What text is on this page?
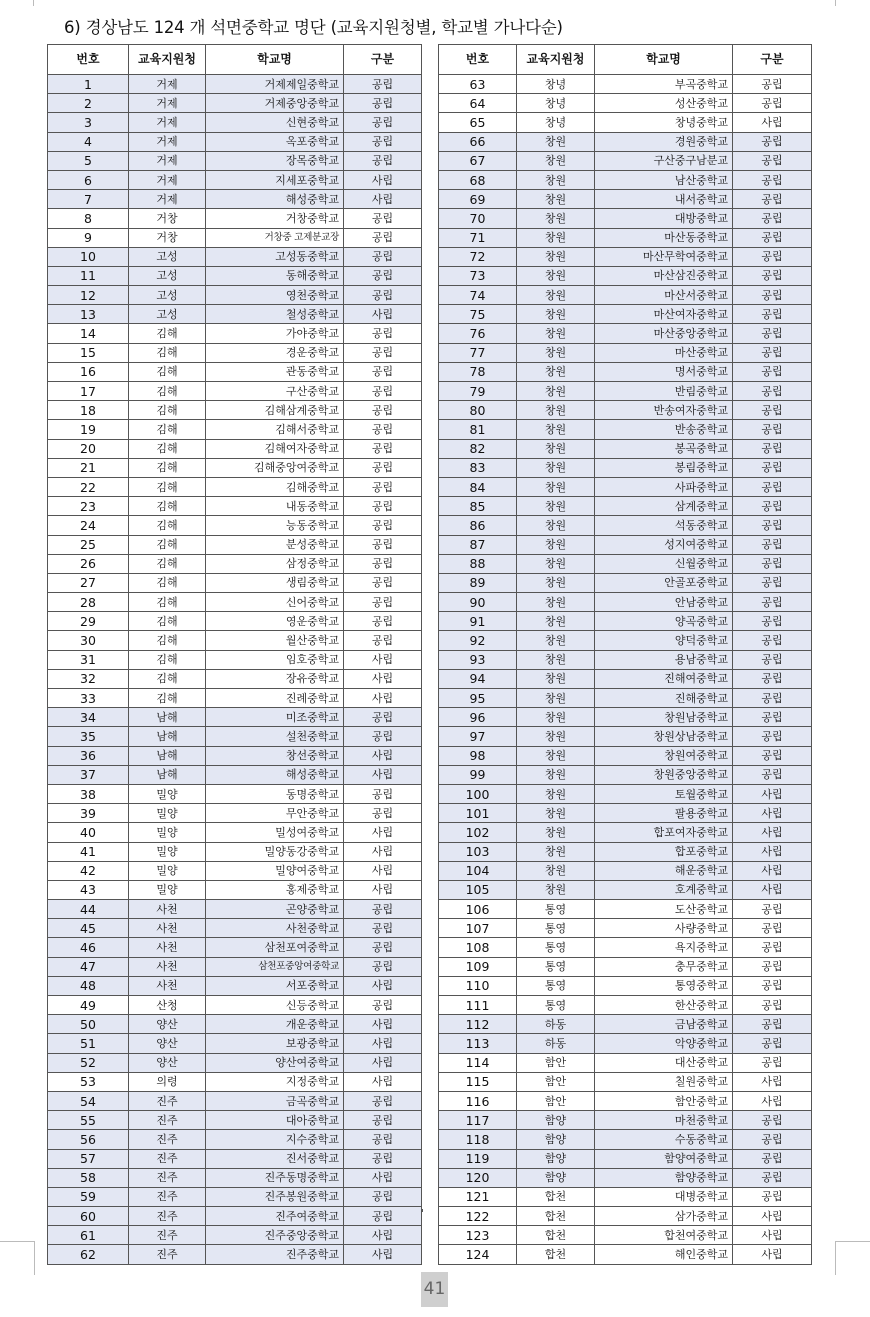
6) 경상남도 124 개 석면중학교 명단 (교육지원청별, 학교별 가나다순)
번호	교육지원청	학교명	구분
1	거제	거제제일중학교	공립
2	거제	거제중앙중학교	공립
3	거제	신현중학교	공립
4	거제	옥포중학교	공립
5	거제	장목중학교	공립
6	거제	지세포중학교	사립
7	거제	해성중학교	사립
8	거창	거창중학교	공립
9	거창	거창중 고제분교장	공립
10	고성	고성동중학교	공립
11	고성	동해중학교	공립
12	고성	영천중학교	공립
13	고성	철성중학교	사립
14	김해	가야중학교	공립
15	김해	경운중학교	공립
16	김해	관동중학교	공립
17	김해	구산중학교	공립
18	김해	김해삼계중학교	공립
19	김해	김해서중학교	공립
20	김해	김해여자중학교	공립
21	김해	김해중앙여중학교	공립
22	김해	김해중학교	공립
23	김해	내동중학교	공립
24	김해	능동중학교	공립
25	김해	분성중학교	공립
26	김해	삼정중학교	공립
27	김해	생림중학교	공립
28	김해	신어중학교	공립
29	김해	영운중학교	공립
30	김해	월산중학교	공립
31	김해	임호중학교	사립
32	김해	장유중학교	사립
33	김해	진례중학교	사립
34	남해	미조중학교	공립
35	남해	설천중학교	공립
36	남해	창선중학교	사립
37	남해	해성중학교	사립
38	밀양	동명중학교	공립
39	밀양	무안중학교	공립
40	밀양	밀성여중학교	사립
41	밀양	밀양동강중학교	사립
42	밀양	밀양여중학교	사립
43	밀양	홍제중학교	사립
44	사천	곤양중학교	공립
45	사천	사천중학교	공립
46	사천	삼천포여중학교	공립
47	사천	삼천포중앙여중학교	공립
48	사천	서포중학교	사립
49	산청	신등중학교	공립
50	양산	개운중학교	사립
51	양산	보광중학교	사립
52	양산	양산여중학교	사립
53	의령	지정중학교	사립
54	진주	금곡중학교	공립
55	진주	대아중학교	공립
56	진주	지수중학교	공립
57	진주	진서중학교	공립
58	진주	진주동명중학교	사립
59	진주	진주봉원중학교	공립
60	진주	진주여중학교	공립
61	진주	진주중앙중학교	사립
62	진주	진주중학교	사립
번호	교육지원청	학교명	구분
63	창녕	부곡중학교	공립
64	창녕	성산중학교	공립
65	창녕	창녕중학교	사립
66	창원	경원중학교	공립
67	창원	구산중구남분교	공립
68	창원	남산중학교	공립
69	창원	내서중학교	공립
70	창원	대방중학교	공립
71	창원	마산동중학교	공립
72	창원	마산무학여중학교	공립
73	창원	마산삼진중학교	공립
74	창원	마산서중학교	공립
75	창원	마산여자중학교	공립
76	창원	마산중앙중학교	공립
77	창원	마산중학교	공립
78	창원	명서중학교	공립
79	창원	반림중학교	공립
80	창원	반송여자중학교	공립
81	창원	반송중학교	공립
82	창원	봉곡중학교	공립
83	창원	봉림중학교	공립
84	창원	사파중학교	공립
85	창원	삼계중학교	공립
86	창원	석동중학교	공립
87	창원	성지여중학교	공립
88	창원	신월중학교	공립
89	창원	안골포중학교	공립
90	창원	안남중학교	공립
91	창원	양곡중학교	공립
92	창원	양덕중학교	공립
93	창원	용남중학교	공립
94	창원	진해여중학교	공립
95	창원	진해중학교	공립
96	창원	창원남중학교	공립
97	창원	창원상남중학교	공립
98	창원	창원여중학교	공립
99	창원	창원중앙중학교	공립
100	창원	토월중학교	사립
101	창원	팔용중학교	사립
102	창원	합포여자중학교	사립
103	창원	합포중학교	사립
104	창원	해운중학교	사립
105	창원	호계중학교	사립
106	통영	도산중학교	공립
107	통영	사량중학교	공립
108	통영	욕지중학교	공립
109	통영	충무중학교	공립
110	통영	통영중학교	공립
111	통영	한산중학교	공립
112	하동	금남중학교	공립
113	하동	악양중학교	공립
114	함안	대산중학교	공립
115	함안	칠원중학교	사립
116	함안	함안중학교	사립
117	함양	마천중학교	공립
118	함양	수동중학교	공립
119	함양	함양여중학교	공립
120	함양	함양중학교	공립
121	합천	대병중학교	공립
122	합천	삼가중학교	사립
123	합천	합천여중학교	사립
124	합천	해인중학교	사립
41
